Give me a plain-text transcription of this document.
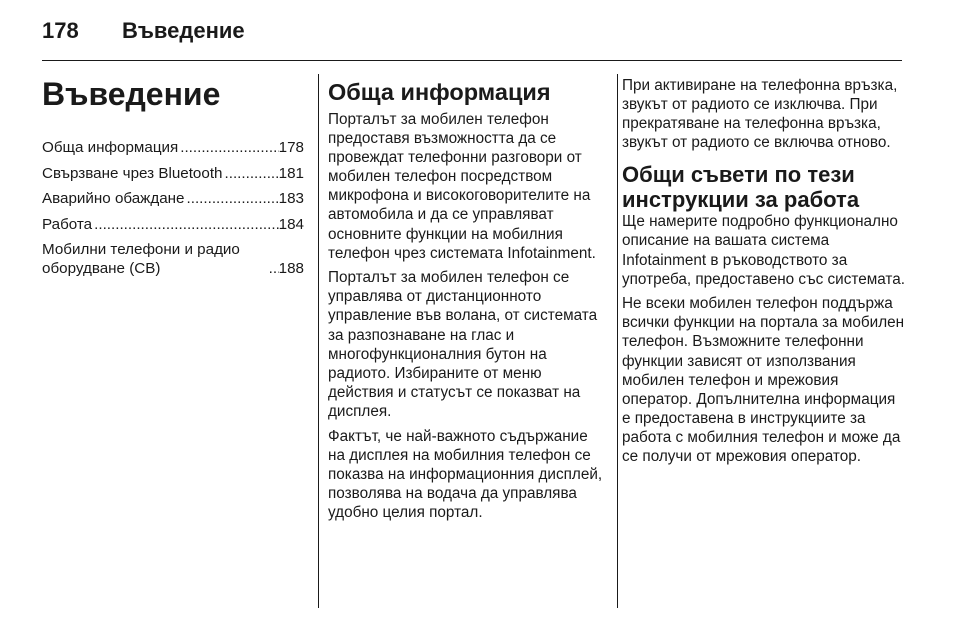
178 Въведение
Въведение
Обща информация .....	178
Свързване чрез Bluetooth .....	181
Аварийно обаждане .....	183
Работа .....	184
Мобилни телефони и радио оборудване (CB) .....	188
Обща информация

Порталът за мобилен телефон предоставя възможността да се провеждат телефонни разговори от мобилен телефон посредством микрофона и високоговорителите на автомобила и да се управляват основните функции на мобилния телефон чрез системата Infotainment.

Порталът за мобилен телефон се управлява от дистанционното управление във волана, от системата за разпознаване на глас и многофункционалния бутон на радиото. Избираните от меню действия и статусът се показват на дисплея.

Фактът, че най-важното съдържание на дисплея на мобилния телефон се показва на информационния дисплей, позволява на водача да управлява удобно целия портал.

При активиране на телефонна връзка, звукът от радиото се изключва. При прекратяване на телефонна връзка, звукът от радиото се включва отново.

Общи съвети по тези инструкции за работа

Ще намерите подробно функционално описание на вашата система Infotainment в ръководството за употреба, предоставено със системата.

Не всеки мобилен телефон поддържа всички функции на портала за мобилен телефон. Възможните телефонни функции зависят от използвания мобилен телефон и мрежовия оператор. Допълнителна информация е предоставена в инструкциите за работа с мобилния телефон и може да се получи от мрежовия оператор.
